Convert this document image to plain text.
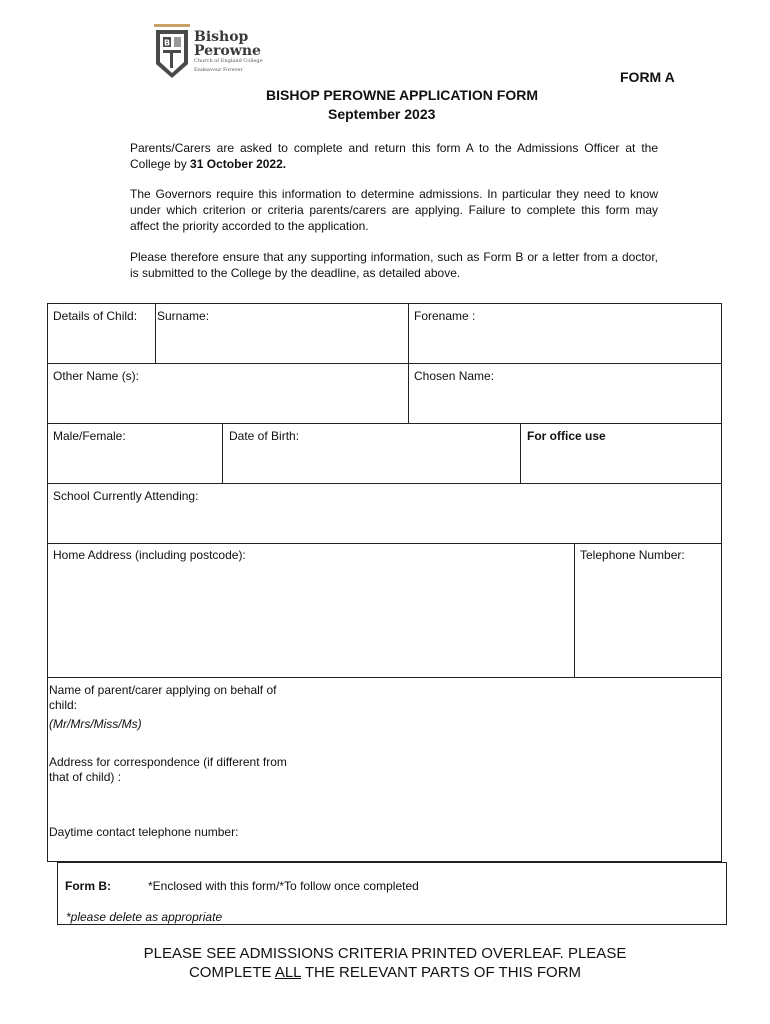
B Bishop
Perowne
Church of England College
Endeavour Forever	FORM A
BISHOP PEROWNE APPLICATION FORM
September 2023
Parents/Carers are asked to complete and return this form A to the Admissions Officer at the College by 31 October 2022.
The Governors require this information to determine admissions. In particular they need to know under which criterion or criteria parents/carers are applying. Failure to complete this form may affect the priority accorded to the application.
Please therefore ensure that any supporting information, such as Form B or a letter from a doctor, is submitted to the College by the deadline, as detailed above.
Details of Child: Surname:	Forename :
Other Name (s):	Chosen Name:
Male/Female:	Date of Birth:	For office use
School Currently Attending:
Home Address (including postcode):	Telephone Number:
Name of parent/carer applying on behalf of child:
(Mr/Mrs/Miss/Ms)
Address for correspondence (if different from that of child) :
Daytime contact telephone number:
Form B:	*Enclosed with this form/*To follow once completed
*please delete as appropriate
PLEASE SEE ADMISSIONS CRITERIA PRINTED OVERLEAF. PLEASE
COMPLETE ALL THE RELEVANT PARTS OF THIS FORM
